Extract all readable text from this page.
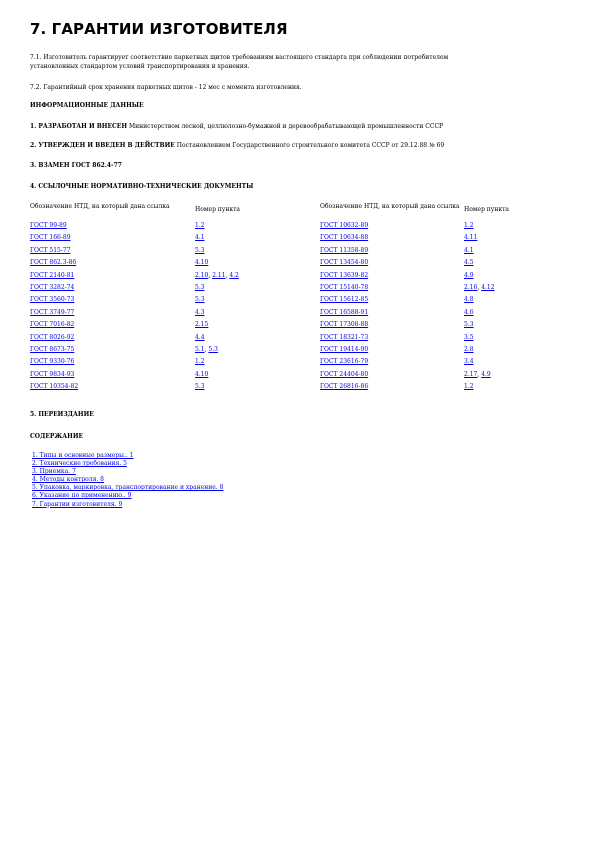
7. ГАРАНТИИ ИЗГОТОВИТЕЛЯ
7.1. Изготовитель гарантирует соответствие паркетных щитов требованиям настоящего стандарта при соблюдении потребителем
установленных стандартом условий транспортирования и хранения.
7.2. Гарантийный срок хранения паркетных щитов - 12 мес с момента изготовления.
ИНФОРМАЦИОННЫЕ ДАННЫЕ
1. РАЗРАБОТАН И ВНЕСЕН Министерством лесной, целлюлозно-бумажной и деревообрабатывающей промышленности СССР
2. УТВЕРЖДЕН И ВВЕДЕН В ДЕЙСТВИЕ Постановлением Государственного строительного комитета СССР от 29.12.88 № 69
3. ВЗАМЕН ГОСТ 862.4-77
4. ССЫЛОЧНЫЕ НОРМАТИВНО-ТЕХНИЧЕСКИЕ ДОКУМЕНТЫ
Обозначение НТД, на который дана ссылка	Номер пункта	Обозначение НТД, на который дана ссылка	Номер пункта
ГОСТ 99-89	1.2	ГОСТ 10632-89	1.2
ГОСТ 166-89	4.1	ГОСТ 10634-88	4.11
ГОСТ 515-77	5.3	ГОСТ 11358-89	4.1
ГОСТ 862.3-86	4.10	ГОСТ 13454-80	4.5
ГОСТ 2140-81	2.10, 2.11, 4.2	ГОСТ 13639-82	4.9
ГОСТ 3282-74	5.3	ГОСТ 15140-78	2.16, 4.12
ГОСТ 3560-73	5.3	ГОСТ 15612-85	4.8
ГОСТ 3749-77	4.3	ГОСТ 16588-91	4.6
ГОСТ 7016-82	2.15	ГОСТ 17308-88	5.3
ГОСТ 8026-92	4.4	ГОСТ 18321-73	3.5
ГОСТ 8673-75	5.1, 5.3	ГОСТ 19414-90	2.8
ГОСТ 9330-76	1.2	ГОСТ 23616-79	3.4
ГОСТ 9834-93	4.10	ГОСТ 24404-80	2.17, 4.9
ГОСТ 10354-82	5.3	ГОСТ 26816-86	1.2
5. ПЕРЕИЗДАНИЕ
СОДЕРЖАНИЕ
1. Типы и основные размеры.. 1
2. Технические требования. 5
3. Приемка. 7
4. Методы контроля. 8
5. Упаковка, маркировка, транспортирование и хранение. 8
6. Указание по применению.. 9
7. Гарантии изготовителя. 9
